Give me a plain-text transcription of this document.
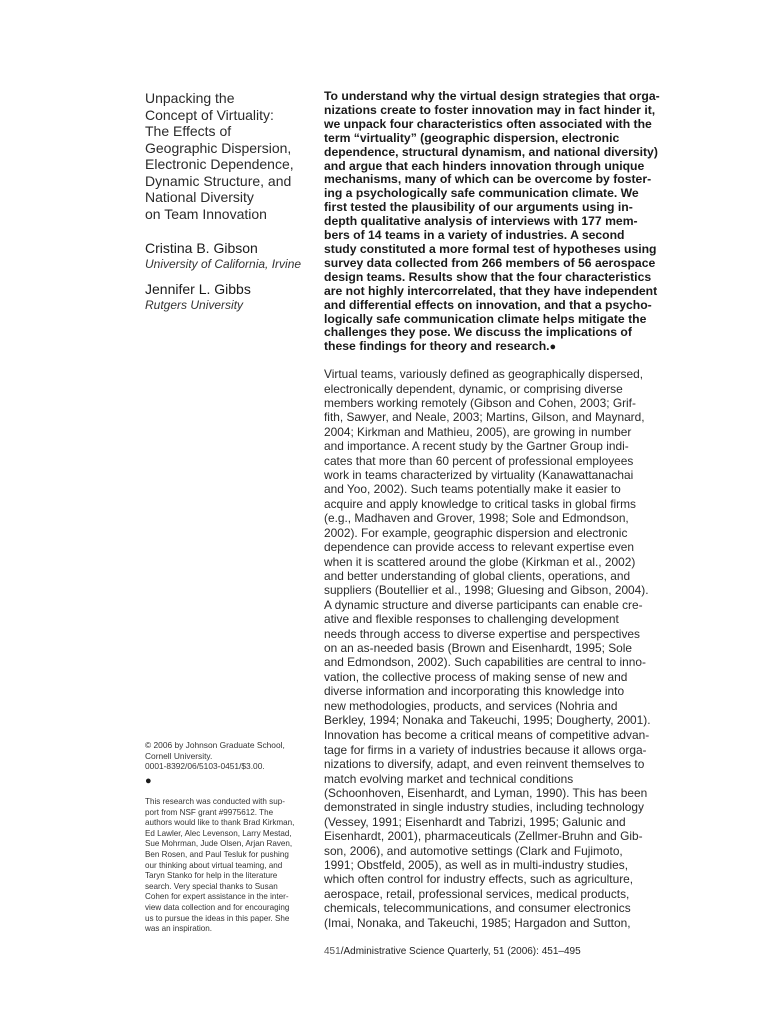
Unpacking the
Concept of Virtuality:
The Effects of
Geographic Dispersion,
Electronic Dependence,
Dynamic Structure, and
National Diversity
on Team Innovation
Cristina B. Gibson
University of California, Irvine
Jennifer L. Gibbs
Rutgers University

© 2006 by Johnson Graduate School,
Cornell University.
0001-8392/06/5103-0451/$3.00.

●

This research was conducted with sup-
port from NSF grant #9975612. The
authors would like to thank Brad Kirkman,
Ed Lawler, Alec Levenson, Larry Mestad,
Sue Mohrman, Jude Olsen, Arjan Raven,
Ben Rosen, and Paul Tesluk for pushing
our thinking about virtual teaming, and
Taryn Stanko for help in the literature
search. Very special thanks to Susan
Cohen for expert assistance in the inter-
view data collection and for encouraging
us to pursue the ideas in this paper. She
was an inspiration.

To understand why the virtual design strategies that orga-
nizations create to foster innovation may in fact hinder it,
we unpack four characteristics often associated with the
term “virtuality” (geographic dispersion, electronic
dependence, structural dynamism, and national diversity)
and argue that each hinders innovation through unique
mechanisms, many of which can be overcome by foster-
ing a psychologically safe communication climate. We
first tested the plausibility of our arguments using in-
depth qualitative analysis of interviews with 177 mem-
bers of 14 teams in a variety of industries. A second
study constituted a more formal test of hypotheses using
survey data collected from 266 members of 56 aerospace
design teams. Results show that the four characteristics
are not highly intercorrelated, that they have independent
and differential effects on innovation, and that a psycho-
logically safe communication climate helps mitigate the
challenges they pose. We discuss the implications of
these findings for theory and research.●

Virtual teams, variously defined as geographically dispersed,
electronically dependent, dynamic, or comprising diverse
members working remotely (Gibson and Cohen, 2003; Grif-
fith, Sawyer, and Neale, 2003; Martins, Gilson, and Maynard,
2004; Kirkman and Mathieu, 2005), are growing in number
and importance. A recent study by the Gartner Group indi-
cates that more than 60 percent of professional employees
work in teams characterized by virtuality (Kanawattanachai
and Yoo, 2002). Such teams potentially make it easier to
acquire and apply knowledge to critical tasks in global firms
(e.g., Madhaven and Grover, 1998; Sole and Edmondson,
2002). For example, geographic dispersion and electronic
dependence can provide access to relevant expertise even
when it is scattered around the globe (Kirkman et al., 2002)
and better understanding of global clients, operations, and
suppliers (Boutellier et al., 1998; Gluesing and Gibson, 2004).
A dynamic structure and diverse participants can enable cre-
ative and flexible responses to challenging development
needs through access to diverse expertise and perspectives
on an as-needed basis (Brown and Eisenhardt, 1995; Sole
and Edmondson, 2002). Such capabilities are central to inno-
vation, the collective process of making sense of new and
diverse information and incorporating this knowledge into
new methodologies, products, and services (Nohria and
Berkley, 1994; Nonaka and Takeuchi, 1995; Dougherty, 2001).

Innovation has become a critical means of competitive advan-
tage for firms in a variety of industries because it allows orga-
nizations to diversify, adapt, and even reinvent themselves to
match evolving market and technical conditions
(Schoonhoven, Eisenhardt, and Lyman, 1990). This has been
demonstrated in single industry studies, including technology
(Vessey, 1991; Eisenhardt and Tabrizi, 1995; Galunic and
Eisenhardt, 2001), pharmaceuticals (Zellmer-Bruhn and Gib-
son, 2006), and automotive settings (Clark and Fujimoto,
1991; Obstfeld, 2005), as well as in multi-industry studies,
which often control for industry effects, such as agriculture,
aerospace, retail, professional services, medical products,
chemicals, telecommunications, and consumer electronics
(Imai, Nonaka, and Takeuchi, 1985; Hargadon and Sutton,

451/Administrative Science Quarterly, 51 (2006): 451–495
